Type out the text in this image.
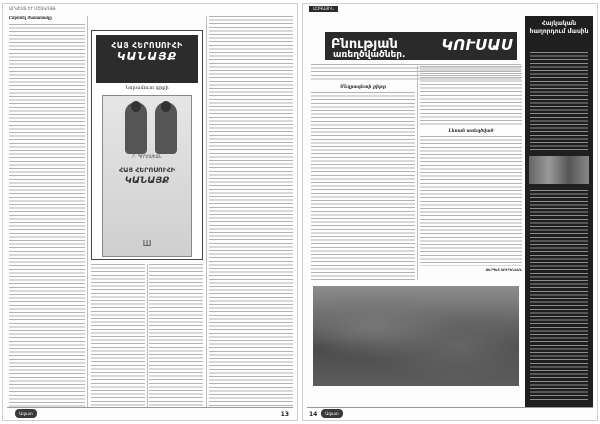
ԱՐՎԵՍՏ ԵՒ ՄՇԱԿՈՅԹ
Ըմբռնել ժամանակը
ՀԱՅ ՀԵՐՈՍՈՒՀԻ
ԿԱՆԱՅՔ
Նորամուտ գրքի
Ր. ՊՈՂՈՍԵԱՆ
ՀԱՅ ՀԵՐՈՍՈՒՀԻ
ԿԱՆԱՅՔ
Ш
Ազատ	13
ԱԶԳԱՅԻՆ
Բնության	ԿՈՒՍԱՍ
առեղծվածներ.
Մեղրագետի քիթը
Լեռան առեղծված
ՍԵՐԳԵՅ ՍՈՒՐԵՆԵԱՆ
Հայկական հաղորդում մասին
14	Ազատ
